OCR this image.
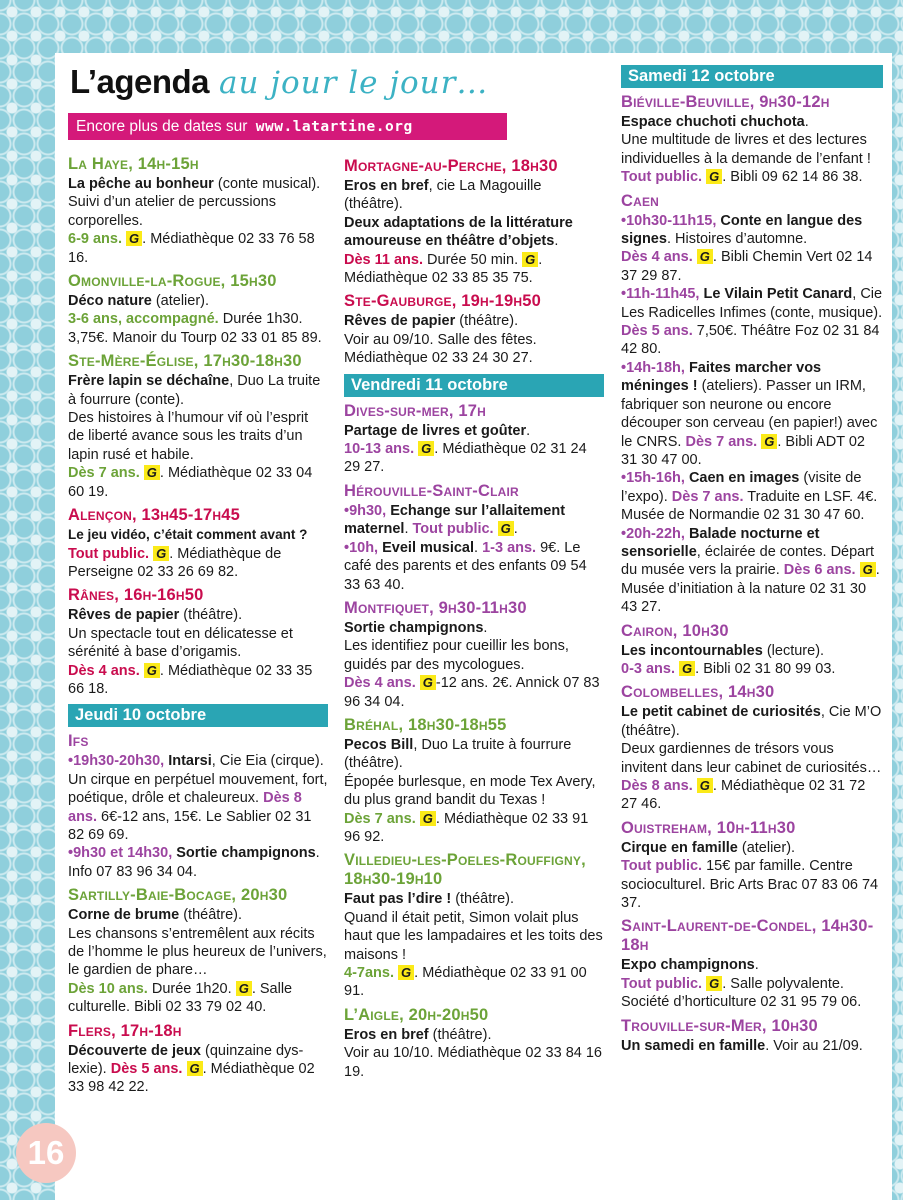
L’agenda au jour le jour…
Encore plus de dates sur www.latartine.org
La Haye, 14h-15h

La pêche au bonheur (conte musical). Suivi d’un atelier de percussions corporelles.

6-9 ans. G . Médiathèque 02 33 76 58 16.

Omonville-la-Rogue, 15h30

Déco nature (atelier).

3-6 ans, accompagné. Durée 1h30. 3,75€. Manoir du Tourp 02 33 01 85 89.

Ste-Mère-Église, 17h30-18h30

Frère lapin se déchaîne, Duo La truite à fourrure (conte).

Des histoires à l’humour vif où l’esprit de liberté avance sous les traits d’un lapin rusé et habile.

Dès 7 ans. G . Médiathèque 02 33 04 60 19.

Alençon, 13h45-17h45

Le jeu vidéo, c’était comment avant ?

Tout public. G . Médiathèque de Perseigne 02 33 26 69 82.

Rânes, 16h-16h50

Rêves de papier (théâtre).

Un spectacle tout en délicatesse et sérénité à base d’origamis.

Dès 4 ans. G . Médiathèque 02 33 35 66 18.

Jeudi 10 octobre
Ifs

•19h30-20h30, Intarsi, Cie Eia (cirque). Un cirque en perpétuel mouvement, fort, poétique, drôle et chaleureux. Dès 8 ans. 6€-12 ans, 15€. Le Sablier 02 31 82 69 69.

•9h30 et 14h30, Sortie champignons. Info 07 83 96 34 04.

Sartilly-Baie-Bocage, 20h30

Corne de brume (théâtre).

Les chansons s’entremêlent aux récits de l’homme le plus heureux de l’univers, le gardien de phare…

Dès 10 ans. Durée 1h20. G . Salle culturelle. Bibli 02 33 79 02 40.

Flers, 17h-18h

Découverte de jeux (quinzaine dys-lexie). Dès 5 ans. G . Médiathèque 02 33 98 42 22.

Mortagne-au-Perche, 18h30

Eros en bref, cie La Magouille (théâtre).

Deux adaptations de la littérature amoureuse en théâtre d’objets.

Dès 11 ans. Durée 50 min. G . Médiathèque 02 33 85 35 75.

Ste-Gauburge, 19h-19h50

Rêves de papier (théâtre).

Voir au 09/10. Salle des fêtes. Médiathèque 02 33 24 30 27.

Vendredi 11 octobre
Dives-sur-mer, 17h

Partage de livres et goûter.

10-13 ans. G . Médiathèque 02 31 24 29 27.

Hérouville-Saint-Clair

•9h30, Echange sur l’allaitement maternel. Tout public. G .

•10h, Eveil musical. 1-3 ans. 9€. Le café des parents et des enfants 09 54 33 63 40.

Montfiquet, 9h30-11h30

Sortie champignons.

Les identifiez pour cueillir les bons, guidés par des mycologues.

Dès 4 ans. G -12 ans. 2€. Annick 07 83 96 34 04.

Bréhal, 18h30-18h55

Pecos Bill, Duo La truite à fourrure (théâtre).

Épopée burlesque, en mode Tex Avery, du plus grand bandit du Texas !

Dès 7 ans. G . Médiathèque 02 33 91 96 92.

Villedieu-les-Poeles-Rouffigny, 18h30-19h10

Faut pas l’dire ! (théâtre).

Quand il était petit, Simon volait plus haut que les lampadaires et les toits des maisons !

4-7ans. G . Médiathèque 02 33 91 00 91.

L’Aigle, 20h-20h50

Eros en bref (théâtre).

Voir au 10/10. Médiathèque 02 33 84 16 19.

Samedi 12 octobre
Biéville-Beuville, 9h30-12h

Espace chuchoti chuchota.

Une multitude de livres et des lectures individuelles à la demande de l’enfant !

Tout public. G . Bibli 09 62 14 86 38.

Caen

•10h30-11h15, Conte en langue des signes. Histoires d’automne.

Dès 4 ans. G . Bibli Chemin Vert 02 14 37 29 87.

•11h-11h45, Le Vilain Petit Canard, Cie Les Radicelles Infimes (conte, musique). Dès 5 ans. 7,50€. Théâtre Foz 02 31 84 42 80.

•14h-18h, Faites marcher vos méninges ! (ateliers). Passer un IRM, fabriquer son neurone ou encore découper son cerveau (en papier!) avec le CNRS. Dès 7 ans. G . Bibli ADT 02 31 30 47 00.

•15h-16h, Caen en images (visite de l’expo). Dès 7 ans. Traduite en LSF. 4€. Musée de Normandie 02 31 30 47 60.

•20h-22h, Balade nocturne et sensorielle, éclairée de contes. Départ du musée vers la prairie. Dès 6 ans. G . Musée d’initiation à la nature 02 31 30 43 27.

Cairon, 10h30

Les incontournables (lecture).

0-3 ans. G . Bibli 02 31 80 99 03.

Colombelles, 14h30

Le petit cabinet de curiosités, Cie M’O (théâtre).

Deux gardiennes de trésors vous invitent dans leur cabinet de curiosités…

Dès 8 ans. G . Médiathèque 02 31 72 27 46.

Ouistreham, 10h-11h30

Cirque en famille (atelier).

Tout public. 15€ par famille. Centre socioculturel. Bric Arts Brac 07 83 06 74 37.

Saint-Laurent-de-Condel, 14h30-18h

Expo champignons.

Tout public. G . Salle polyvalente. Société d’horticulture 02 31 95 79 06.

Trouville-sur-Mer, 10h30

Un samedi en famille. Voir au 21/09.

16
